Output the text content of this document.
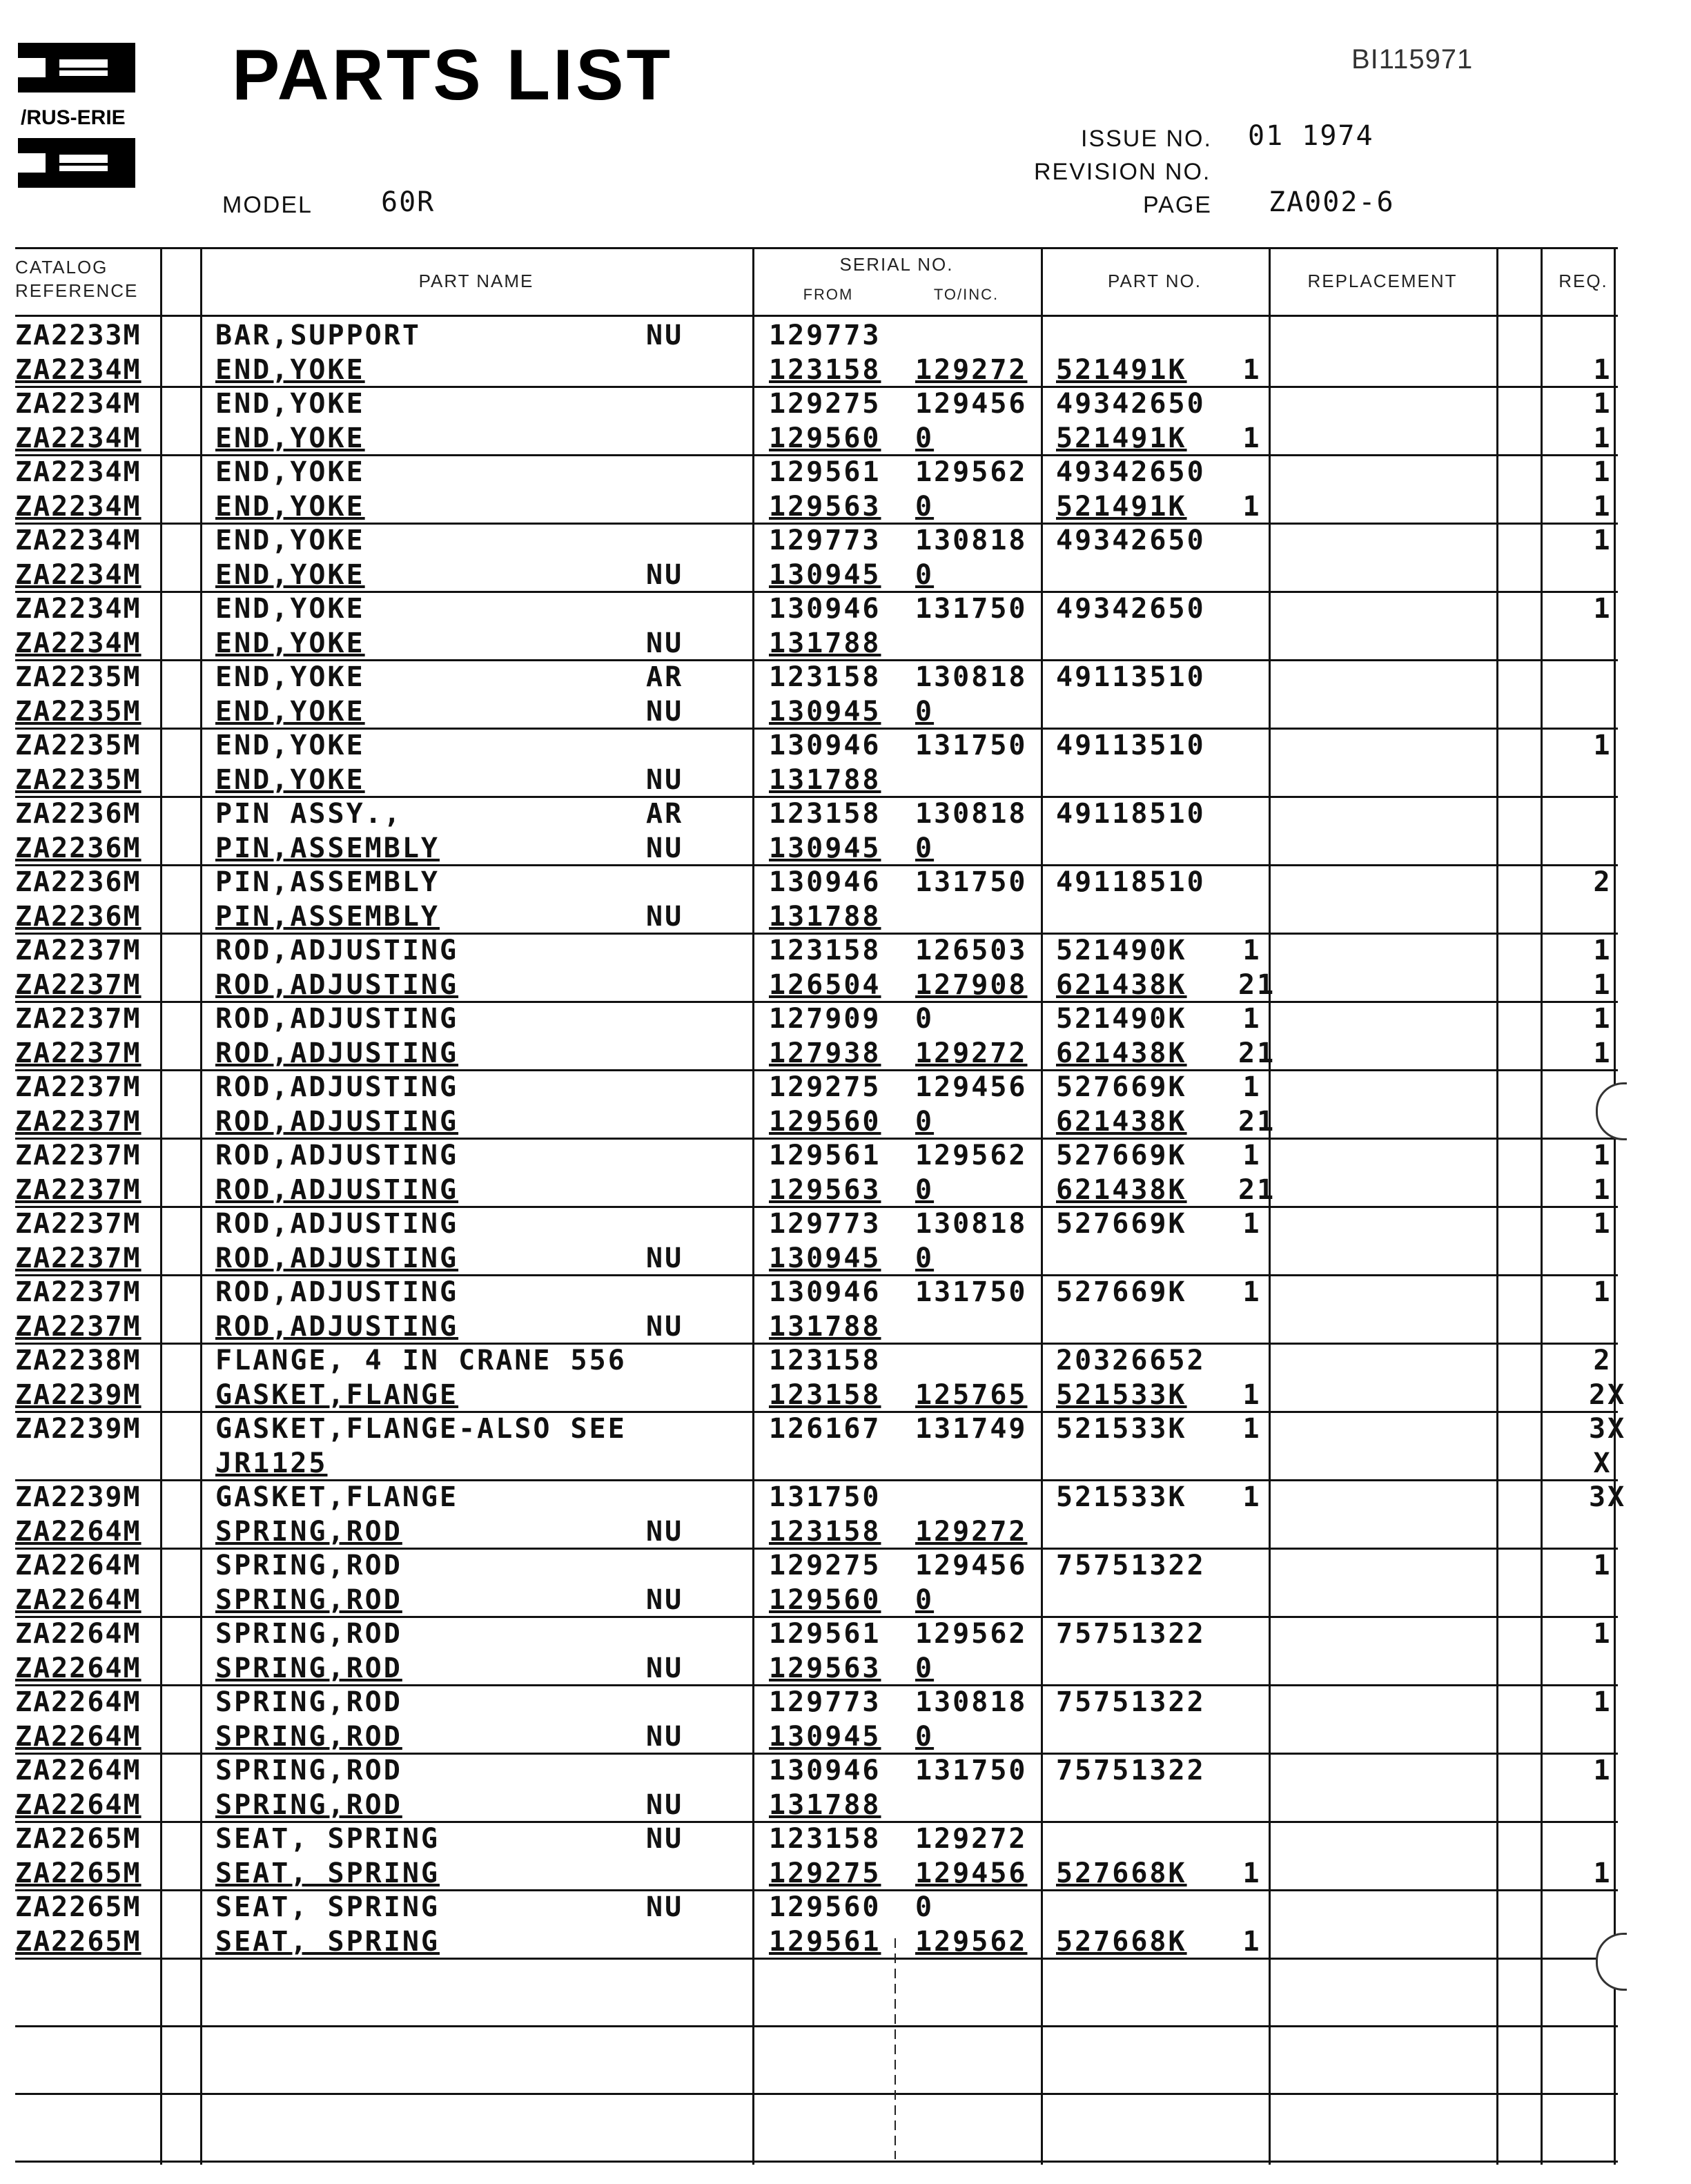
/RUS-ERIE
BI115971
PARTS LIST
ISSUE NO. 01 1974
REVISION NO.
PAGE ZA002-6
MODEL 60R
CATALOG REFERENCE	PART NAME
SERIAL NO.
FROM	TO/INC.
PART NO.	REPLACEMENT	REQ.
ZA2233M	BAR,SUPPORT	NU	129773
ZA2234M	END,YOKE	123158 129272 521491K 1	1
ZA2234M	END,YOKE	129275 129456 49342650	1
ZA2234M	END,YOKE	129560 0	521491K 1	1
ZA2234M	END,YOKE	129561 129562 49342650	1
ZA2234M	END,YOKE	129563 0	521491K 1	1
ZA2234M	END,YOKE	129773 130818 49342650	1
ZA2234M	END,YOKE	NU	130945 0
ZA2234M	END,YOKE	130946 131750 49342650	1
ZA2234M	END,YOKE	NU	131788
ZA2235M	END,YOKE	AR	123158 130818 49113510
ZA2235M	END,YOKE	NU	130945 0
ZA2235M	END,YOKE	130946 131750 49113510	1
ZA2235M	END,YOKE	NU	131788
ZA2236M	PIN ASSY.,	AR	123158 130818 49118510
ZA2236M	PIN,ASSEMBLY	NU	130945 0
ZA2236M	PIN,ASSEMBLY	130946 131750 49118510	2
ZA2236M	PIN,ASSEMBLY	NU	131788
ZA2237M	ROD,ADJUSTING	123158 126503 521490K 1	1
ZA2237M	ROD,ADJUSTING	126504 127908 621438K 21	1
ZA2237M	ROD,ADJUSTING	127909 0	521490K 1	1
ZA2237M	ROD,ADJUSTING	127938 129272 621438K 21	1
ZA2237M	ROD,ADJUSTING	129275 129456 527669K 1
ZA2237M	ROD,ADJUSTING	129560 0	621438K 21
ZA2237M	ROD,ADJUSTING	129561 129562 527669K 1	1
ZA2237M	ROD,ADJUSTING	129563 0	621438K 21	1
ZA2237M	ROD,ADJUSTING	129773 130818 527669K 1	1
ZA2237M	ROD,ADJUSTING	NU	130945 0
ZA2237M	ROD,ADJUSTING	130946 131750 527669K 1	1
ZA2237M	ROD,ADJUSTING	NU	131788
ZA2238M	FLANGE, 4 IN CRANE 556	123158	20326652	2
ZA2239M	GASKET,FLANGE	123158 125765 521533K 1	2X
ZA2239M	GASKET,FLANGE-ALSO SEE	126167 131749 521533K 1	3X
JR1125	X
ZA2239M	GASKET,FLANGE	131750	521533K 1	3X
ZA2264M	SPRING,ROD	NU	123158 129272
ZA2264M	SPRING,ROD	129275 129456 75751322	1
ZA2264M	SPRING,ROD	NU	129560 0
ZA2264M	SPRING,ROD	129561 129562 75751322	1
ZA2264M	SPRING,ROD	NU	129563 0
ZA2264M	SPRING,ROD	129773 130818 75751322	1
ZA2264M	SPRING,ROD	NU	130945 0
ZA2264M	SPRING,ROD	130946 131750 75751322	1
ZA2264M	SPRING,ROD	NU	131788
ZA2265M	SEAT, SPRING	NU	123158 129272
ZA2265M	SEAT, SPRING	129275 129456 527668K 1	1
ZA2265M	SEAT, SPRING	NU	129560 0
ZA2265M	SEAT, SPRING	129561 129562 527668K 1
